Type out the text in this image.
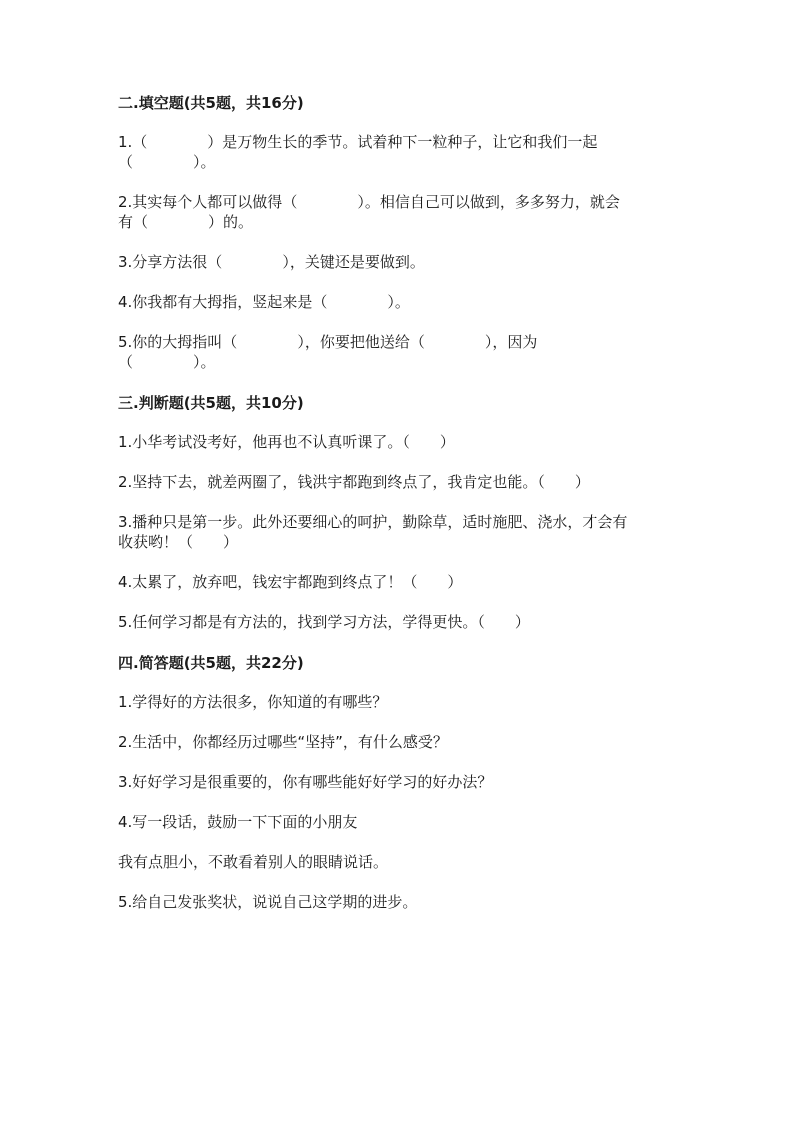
二.填空题(共5题，共16分)
1.（　　　　）是万物生长的季节。试着种下一粒种子，让它和我们一起
（　　　　）。
2.其实每个人都可以做得（　　　　）。相信自己可以做到，多多努力，就会
有（　　　　）的。
3.分享方法很（　　　　），关键还是要做到。
4.你我都有大拇指，竖起来是（　　　　）。
5.你的大拇指叫（　　　　），你要把他送给（　　　　），因为
（　　　　）。
三.判断题(共5题，共10分)
1.小华考试没考好，他再也不认真听课了。（　　）
2.坚持下去，就差两圈了，钱洪宇都跑到终点了，我肯定也能。（　　）
3.播种只是第一步。此外还要细心的呵护，勤除草，适时施肥、浇水，才会有
收获哟！（　　）
4.太累了，放弃吧，钱宏宇都跑到终点了！（　　）
5.任何学习都是有方法的，找到学习方法，学得更快。（　　）
四.简答题(共5题，共22分)
1.学得好的方法很多，你知道的有哪些？
2.生活中，你都经历过哪些“坚持”，有什么感受？
3.好好学习是很重要的，你有哪些能好好学习的好办法？
4.写一段话，鼓励一下下面的小朋友
我有点胆小，不敢看着别人的眼睛说话。
5.给自己发张奖状，说说自己这学期的进步。
